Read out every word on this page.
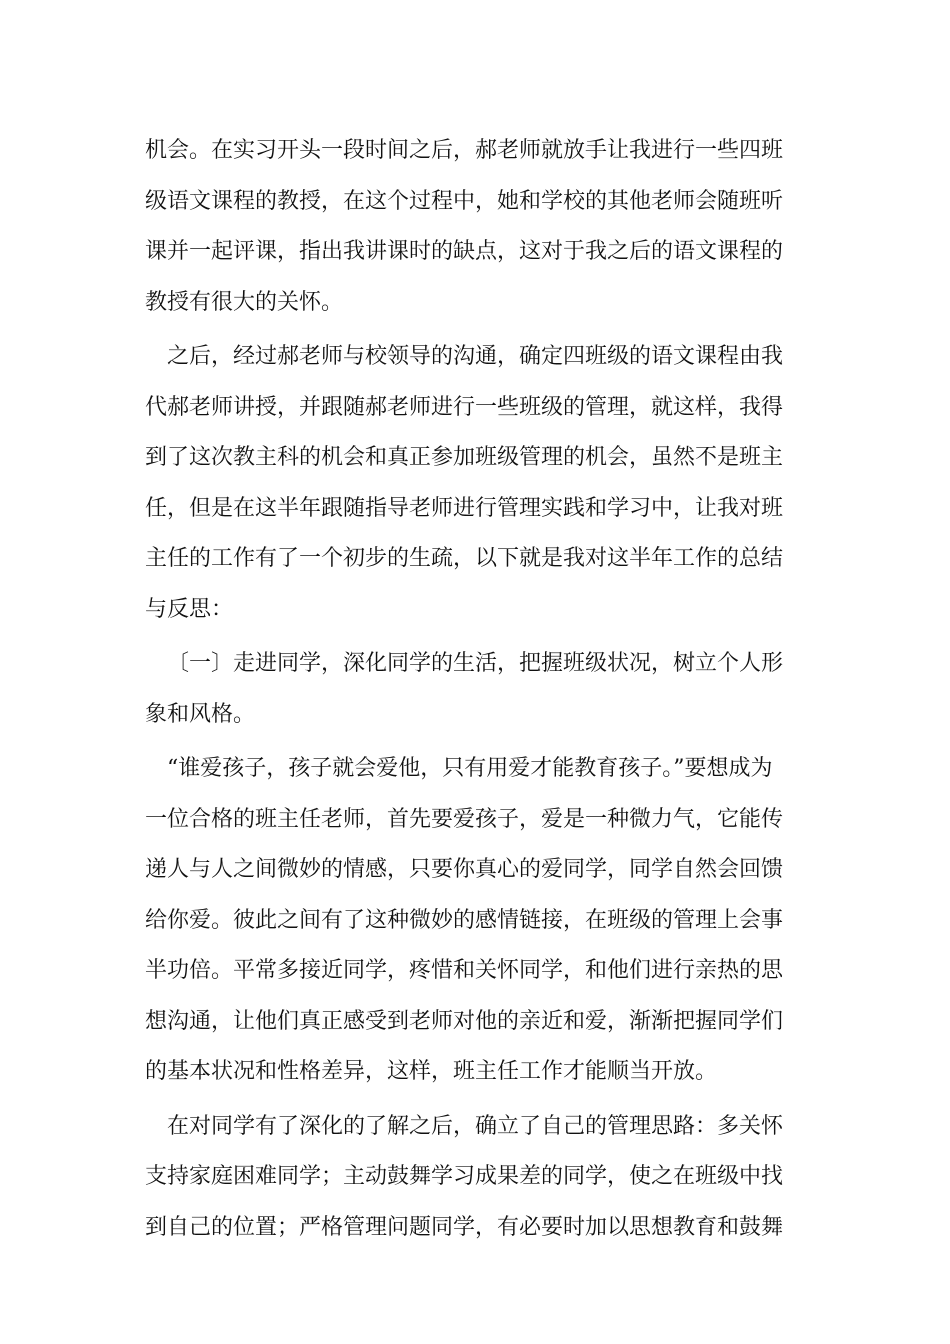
机会。在实习开头一段时间之后，郝老师就放手让我进行一些四班
级语文课程的教授，在这个过程中，她和学校的其他老师会随班听
课并一起评课，指出我讲课时的缺点，这对于我之后的语文课程的
教授有很大的关怀。
之后，经过郝老师与校领导的沟通，确定四班级的语文课程由我
代郝老师讲授，并跟随郝老师进行一些班级的管理，就这样，我得
到了这次教主科的机会和真正参加班级管理的机会，虽然不是班主
任，但是在这半年跟随指导老师进行管理实践和学习中，让我对班
主任的工作有了一个初步的生疏，以下就是我对这半年工作的总结
与反思：
〔一〕走进同学，深化同学的生活，把握班级状况，树立个人形
象和风格。
“谁爱孩子，孩子就会爱他，只有用爱才能教育孩子。”要想成为
一位合格的班主任老师，首先要爱孩子，爱是一种微力气，它能传
递人与人之间微妙的情感，只要你真心的爱同学，同学自然会回馈
给你爱。彼此之间有了这种微妙的感情链接，在班级的管理上会事
半功倍。平常多接近同学，疼惜和关怀同学，和他们进行亲热的思
想沟通，让他们真正感受到老师对他的亲近和爱，渐渐把握同学们
的基本状况和性格差异，这样，班主任工作才能顺当开放。
在对同学有了深化的了解之后，确立了自己的管理思路：多关怀
支持家庭困难同学；主动鼓舞学习成果差的同学，使之在班级中找
到自己的位置；严格管理问题同学，有必要时加以思想教育和鼓舞
